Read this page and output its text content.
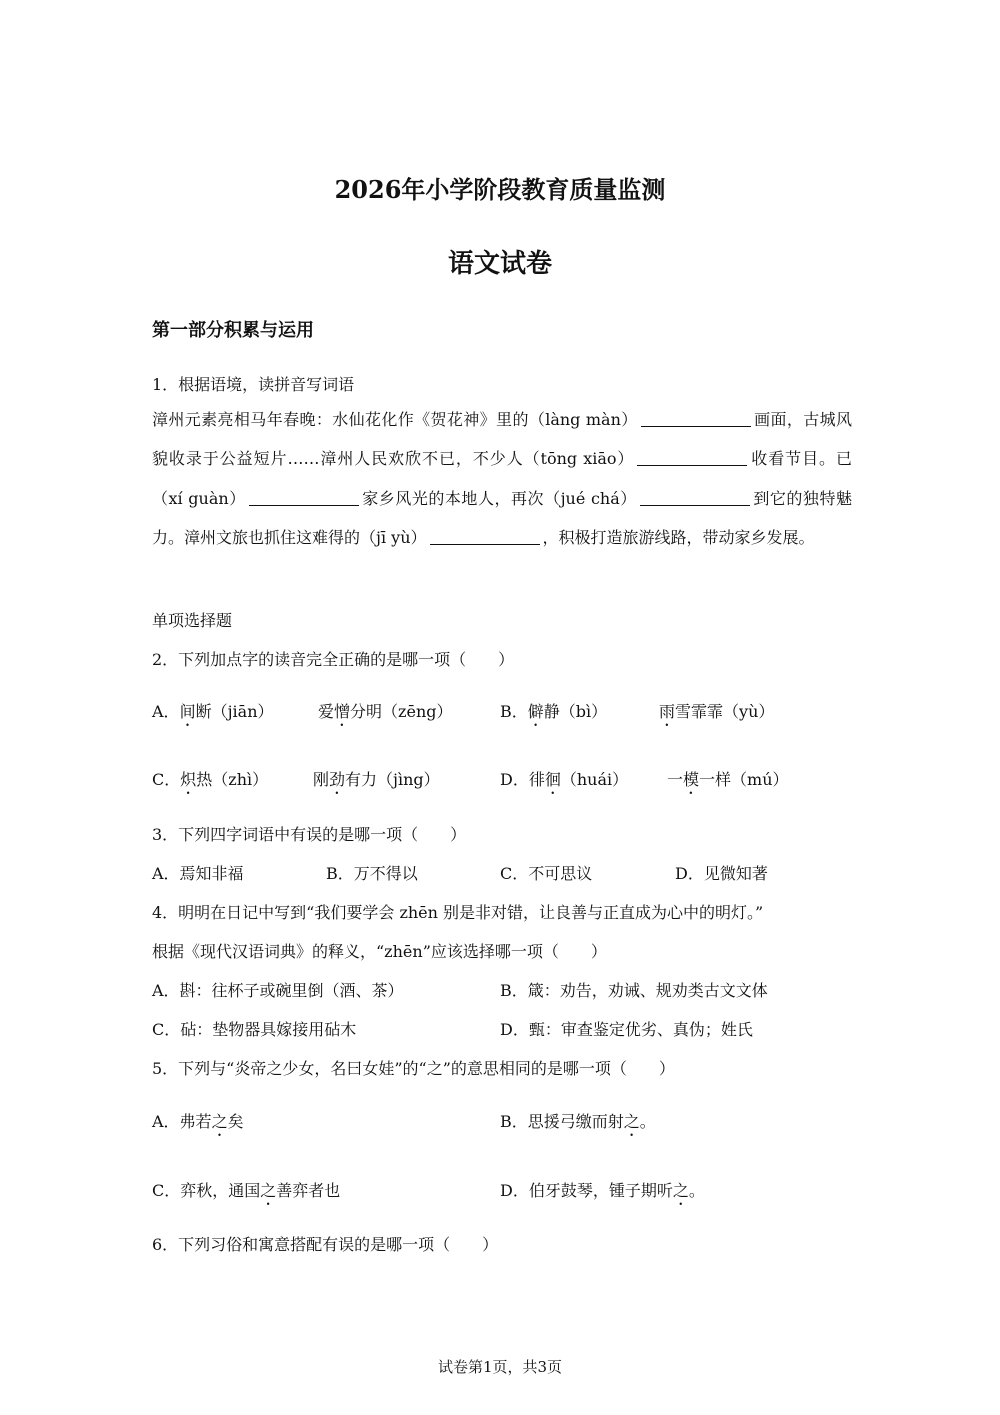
2026年小学阶段教育质量监测
语文试卷
第一部分积累与运用
1．根据语境，读拼音写词语
漳州元素亮相马年春晚：水仙花化作《贺花神》里的（làng màn）	画面，古城风貌收录于公益短片……漳州人民欢欣不已，不少人（tōng xiāo）	收看节目。已（xí guàn）	家乡风光的本地人，再次（jué chá）	到它的独特魅力。漳州文旅也抓住这难得的（jī yù）	，积极打造旅游线路，带动家乡发展。
单项选择题
2．下列加点字的读音完全正确的是哪一项（　　）
A．间断（jiān）	爱憎分明（zēng）	B．僻静（bì）	雨雪霏霏（yù）
C．炽热（zhì）	刚劲有力（jìng）	D．徘徊（huái） 一模一样（mú）
3．下列四字词语中有误的是哪一项（　　）
A．焉知非福	B．万不得以	C．不可思议	D．见微知著
4．明明在日记中写到“我们要学会 zhēn 别是非对错，让良善与正直成为心中的明灯。”
根据《现代汉语词典》的释义，“zhēn”应该选择哪一项（　　）
A．斟：往杯子或碗里倒（酒、茶）	B．箴：劝告，劝诫、规劝类古文文体
C．砧：垫物器具嫁接用砧木	D．甄：审查鉴定优劣、真伪；姓氏
5．下列与“炎帝之少女，名曰女娃”的“之”的意思相同的是哪一项（　　）
A．弗若之矣	B．思援弓缴而射之。
C．弈秋，通国之善弈者也	D．伯牙鼓琴，锺子期听之。
6．下列习俗和寓意搭配有误的是哪一项（　　）
试卷第1页，共3页
